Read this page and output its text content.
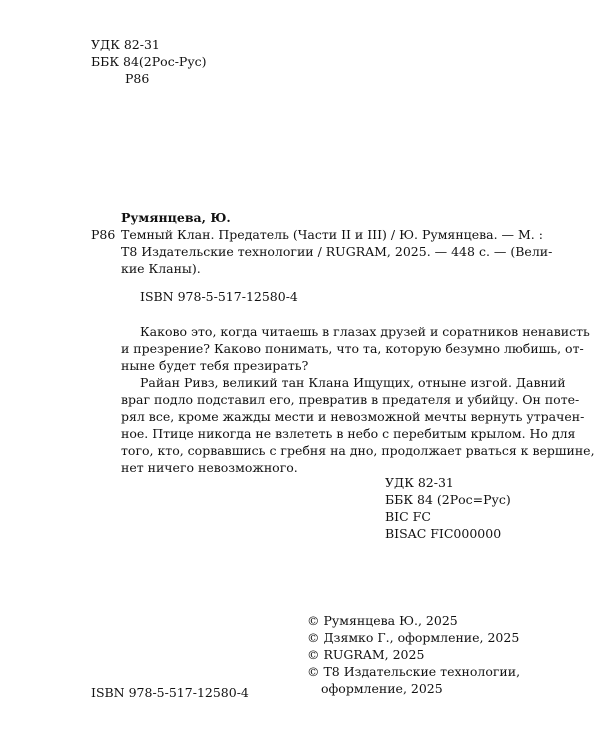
УДК 82-31
ББК 84(2Рос-Рус)
Р86
Румянцева, Ю.
Р86 Темный Клан. Предатель (Части II и III) / Ю. Румянцева. — М. :
Т8 Издательские технологии / RUGRAM, 2025. — 448 с. — (Вели-
кие Кланы).
ISBN 978-5-517-12580-4
Каково это, когда читаешь в глазах друзей и соратников ненависть
и презрение? Каково понимать, что та, которую безумно любишь, от-
ныне будет тебя презирать?
Райан Ривз, великий тан Клана Ищущих, отныне изгой. Давний
враг подло подставил его, превратив в предателя и убийцу. Он поте-
рял все, кроме жажды мести и невозможной мечты вернуть утрачен-
ное. Птице никогда не взлететь в небо с перебитым крылом. Но для
того, кто, сорвавшись с гребня на дно, продолжает рваться к вершине,
нет ничего невозможного.
УДК 82-31
ББК 84 (2Рос=Рус)
BIC FC
BISAC FIC000000
© Румянцева Ю., 2025
© Дзямко Г., оформление, 2025
© RUGRAM, 2025
© Т8 Издательские технологии,
оформление, 2025
ISBN 978-5-517-12580-4
